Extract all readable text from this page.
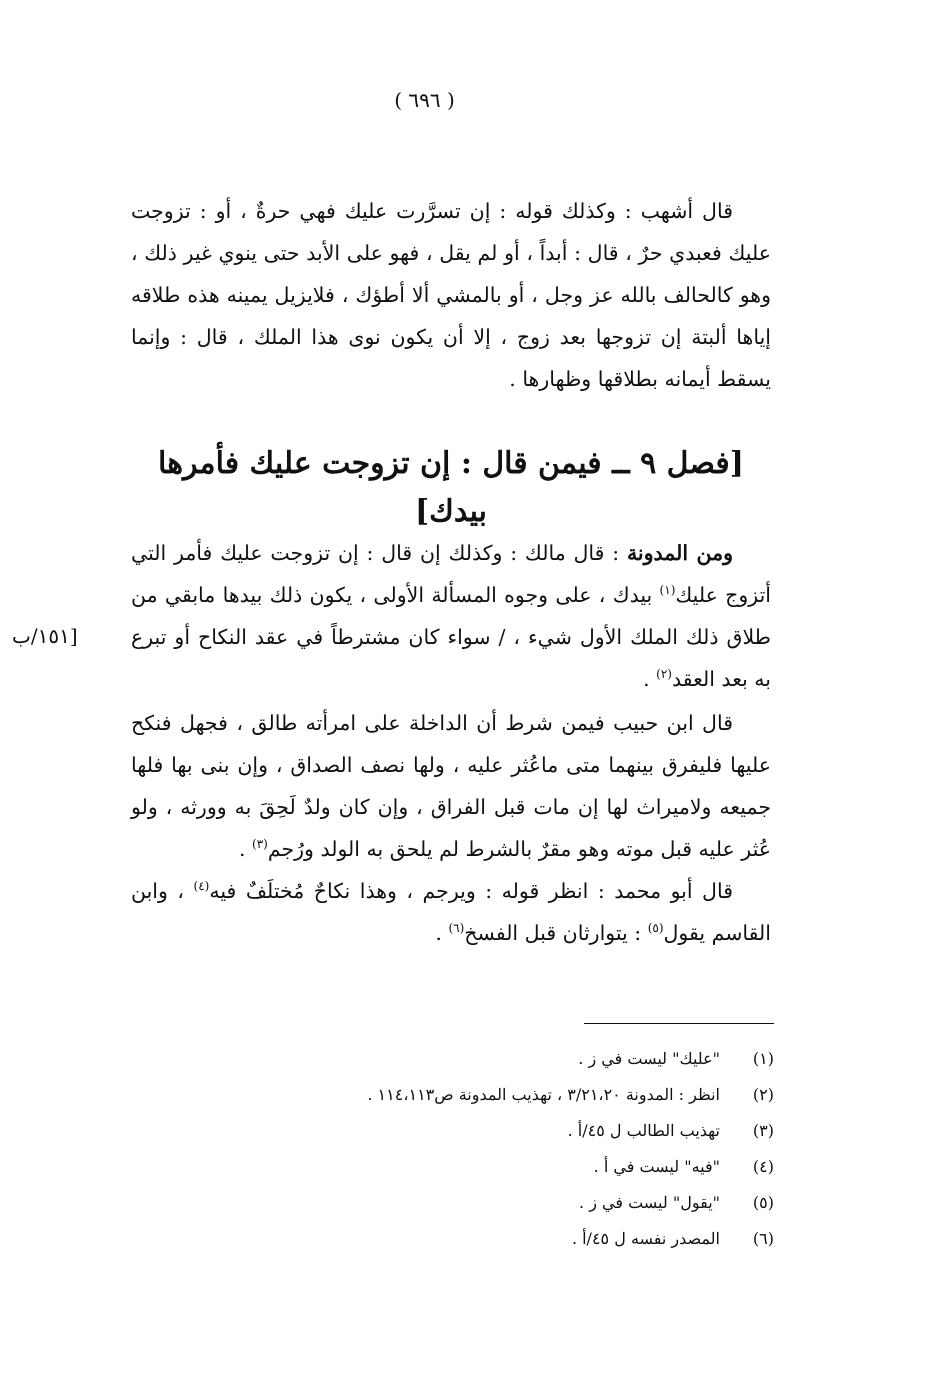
( ٦٩٦ )

قال أشهب : وكذلك قوله : إن تسرَّرت عليك فهي حرةٌ ، أو : تزوجت عليك فعبدي حرٌ ، قال : أبداً ، أو لم يقل ، فهو على الأبد حتى ينوي غير ذلك ، وهو كالحالف بالله عز وجل ، أو بالمشي ألا أطؤك ، فلايزيل يمينه هذه طلاقه إياها ألبتة إن تزوجها بعد زوج ، إلا أن يكون نوى هذا الملك ، قال : وإنما يسقط أيمانه بطلاقها وظهارها .

[فصل ٩ ــ فيمن قال : إن تزوجت عليك فأمرها بيدك]

ومن المدونة : قال مالك : وكذلك إن قال : إن تزوجت عليك فأمر التي أتزوج عليك$^{(١)}$ بيدك ، على وجوه المسألة الأولى ، يكون ذلك بيدها مابقي من طلاق ذلك الملك الأول شيء ، / سواء كان مشترطاً في عقد النكاح أو تبرع به بعد العقد$^{(٢)}$ .

[١٥١/ب

قال ابن حبيب فيمن شرط أن الداخلة على امرأته طالق ، فجهل فنكح عليها فليفرق بينهما متى ماعُثر عليه ، ولها نصف الصداق ، وإن بنى بها فلها جميعه ولاميراث لها إن مات قبل الفراق ، وإن كان ولدٌ لَحِقَ به وورثه ، ولو عُثر عليه قبل موته وهو مقرٌ بالشرط لم يلحق به الولد ورُجم$^{(٣)}$ .

قال أبو محمد : انظر قوله : ويرجم ، وهذا نكاحٌ مُختلَفٌ فيه$^{(٤)}$ ، وابن القاسم يقول$^{(٥)}$ : يتوارثان قبل الفسخ$^{(٦)}$ .

(١)
"عليك" ليست في ز .
(٢)
انظر : المدونة ٣/٢١،٢٠ ، تهذيب المدونة ص١١٤،١١٣ .
(٣)
تهذيب الطالب ل ٤٥/أ .
(٤)
"فيه" ليست في أ .
(٥)
"يقول" ليست في ز .
(٦)
المصدر نفسه ل ٤٥/أ .
